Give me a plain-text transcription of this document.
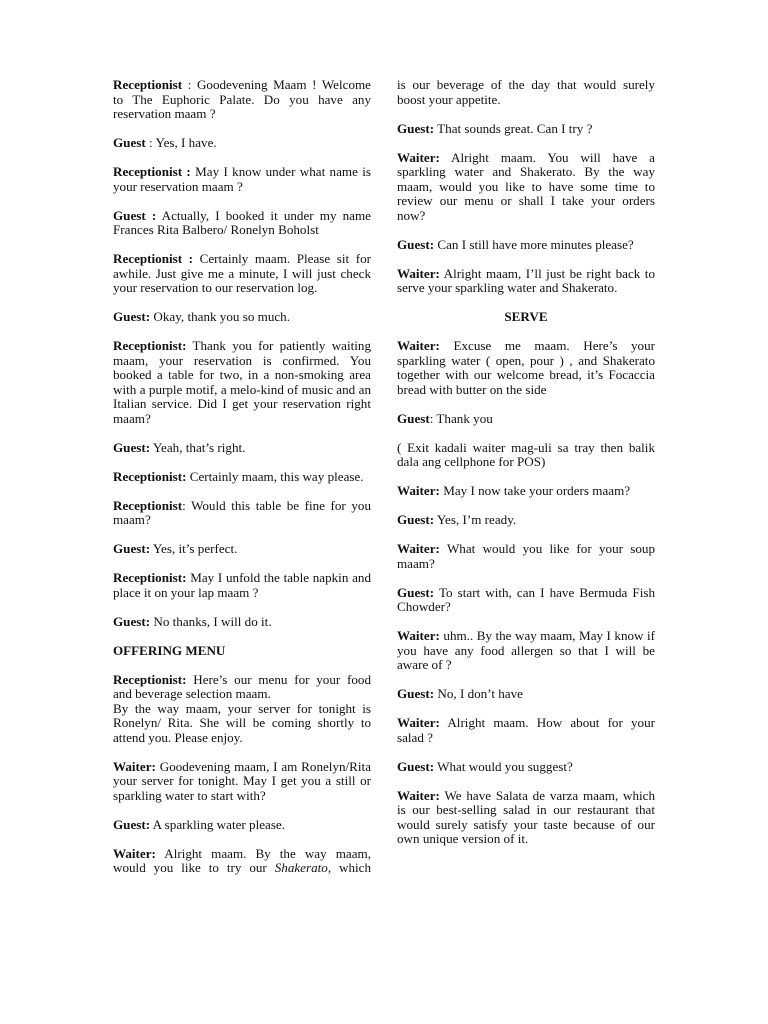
Receptionist : Goodevening Maam ! Welcome to The Euphoric Palate. Do you have any reservation maam ?

Guest : Yes, I have.

Receptionist : May I know under what name is your reservation maam ?

Guest : Actually, I booked it under my name Frances Rita Balbero/ Ronelyn Boholst

Receptionist : Certainly maam. Please sit for awhile. Just give me a minute, I will just check your reservation to our reservation log.

Guest: Okay, thank you so much.

Receptionist: Thank you for patiently waiting maam, your reservation is confirmed. You booked a table for two, in a non-smoking area with a purple motif, a melo-kind of music and an Italian service. Did I get your reservation right maam?

Guest: Yeah, that’s right.

Receptionist: Certainly maam, this way please.

Receptionist: Would this table be fine for you maam?

Guest: Yes, it’s perfect.

Receptionist: May I unfold the table napkin and place it on your lap maam ?

Guest: No thanks, I will do it.

OFFERING MENU

Receptionist: Here’s our menu for your food and beverage selection maam.

By the way maam, your server for tonight is Ronelyn/ Rita. She will be coming shortly to attend you. Please enjoy.

Waiter: Goodevening maam, I am Ronelyn/Rita your server for tonight. May I get you a still or sparkling water to start with?

Guest: A sparkling water please.

Waiter: Alright maam. By the way maam, would you like to try our Shakerato, which

is our beverage of the day that would surely boost your appetite.

Guest: That sounds great. Can I try ?

Waiter: Alright maam. You will have a sparkling water and Shakerato. By the way maam, would you like to have some time to review our menu or shall I take your orders now?

Guest: Can I still have more minutes please?

Waiter: Alright maam, I’ll just be right back to serve your sparkling water and Shakerato.

SERVE

Waiter: Excuse me maam. Here’s your sparkling water ( open, pour ) , and Shakerato together with our welcome bread, it’s Focaccia bread with butter on the side

Guest: Thank you

( Exit kadali waiter mag-uli sa tray then balik dala ang cellphone for POS)

Waiter: May I now take your orders maam?

Guest: Yes, I’m ready.

Waiter: What would you like for your soup maam?

Guest: To start with, can I have Bermuda Fish Chowder?

Waiter: uhm.. By the way maam, May I know if you have any food allergen so that I will be aware of ?

Guest: No, I don’t have

Waiter: Alright maam. How about for your salad ?

Guest: What would you suggest?

Waiter: We have Salata de varza maam, which is our best-selling salad in our restaurant that would surely satisfy your taste because of our own unique version of it.
